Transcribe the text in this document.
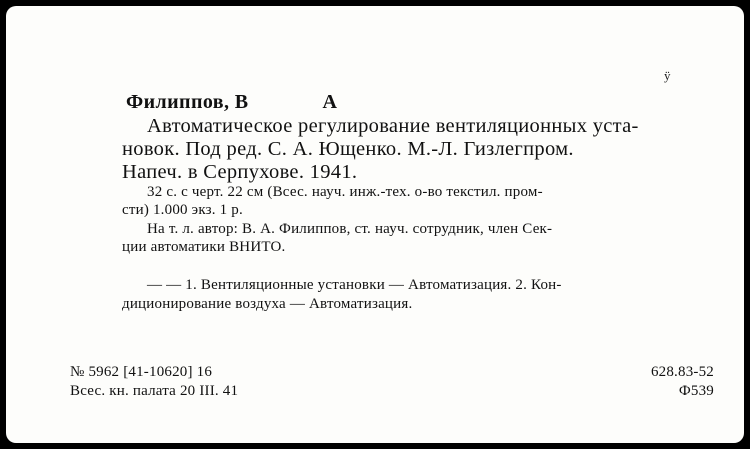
ÿ
Филиппов, В	А
Автоматическое регулирование вентиляционных уста-
новок. Под ред. С. А. Ющенко. М.-Л. Гизлегпром.
Напеч. в Серпухове. 1941.
32 с. с черт. 22 см (Всес. науч. инж.-тех. о-во текстил. пром-
сти) 1.000 экз. 1 р.
На т. л. автор: В. А. Филиппов, ст. науч. сотрудник, член Сек-
ции автоматики ВНИТО.
— — 1. Вентиляционные установки — Автоматизация. 2. Кон-
диционирование воздуха — Автоматизация.
№ 5962 [41-10620] 16
Всес. кн. палата 20 III. 41
628.83-52
Ф539
